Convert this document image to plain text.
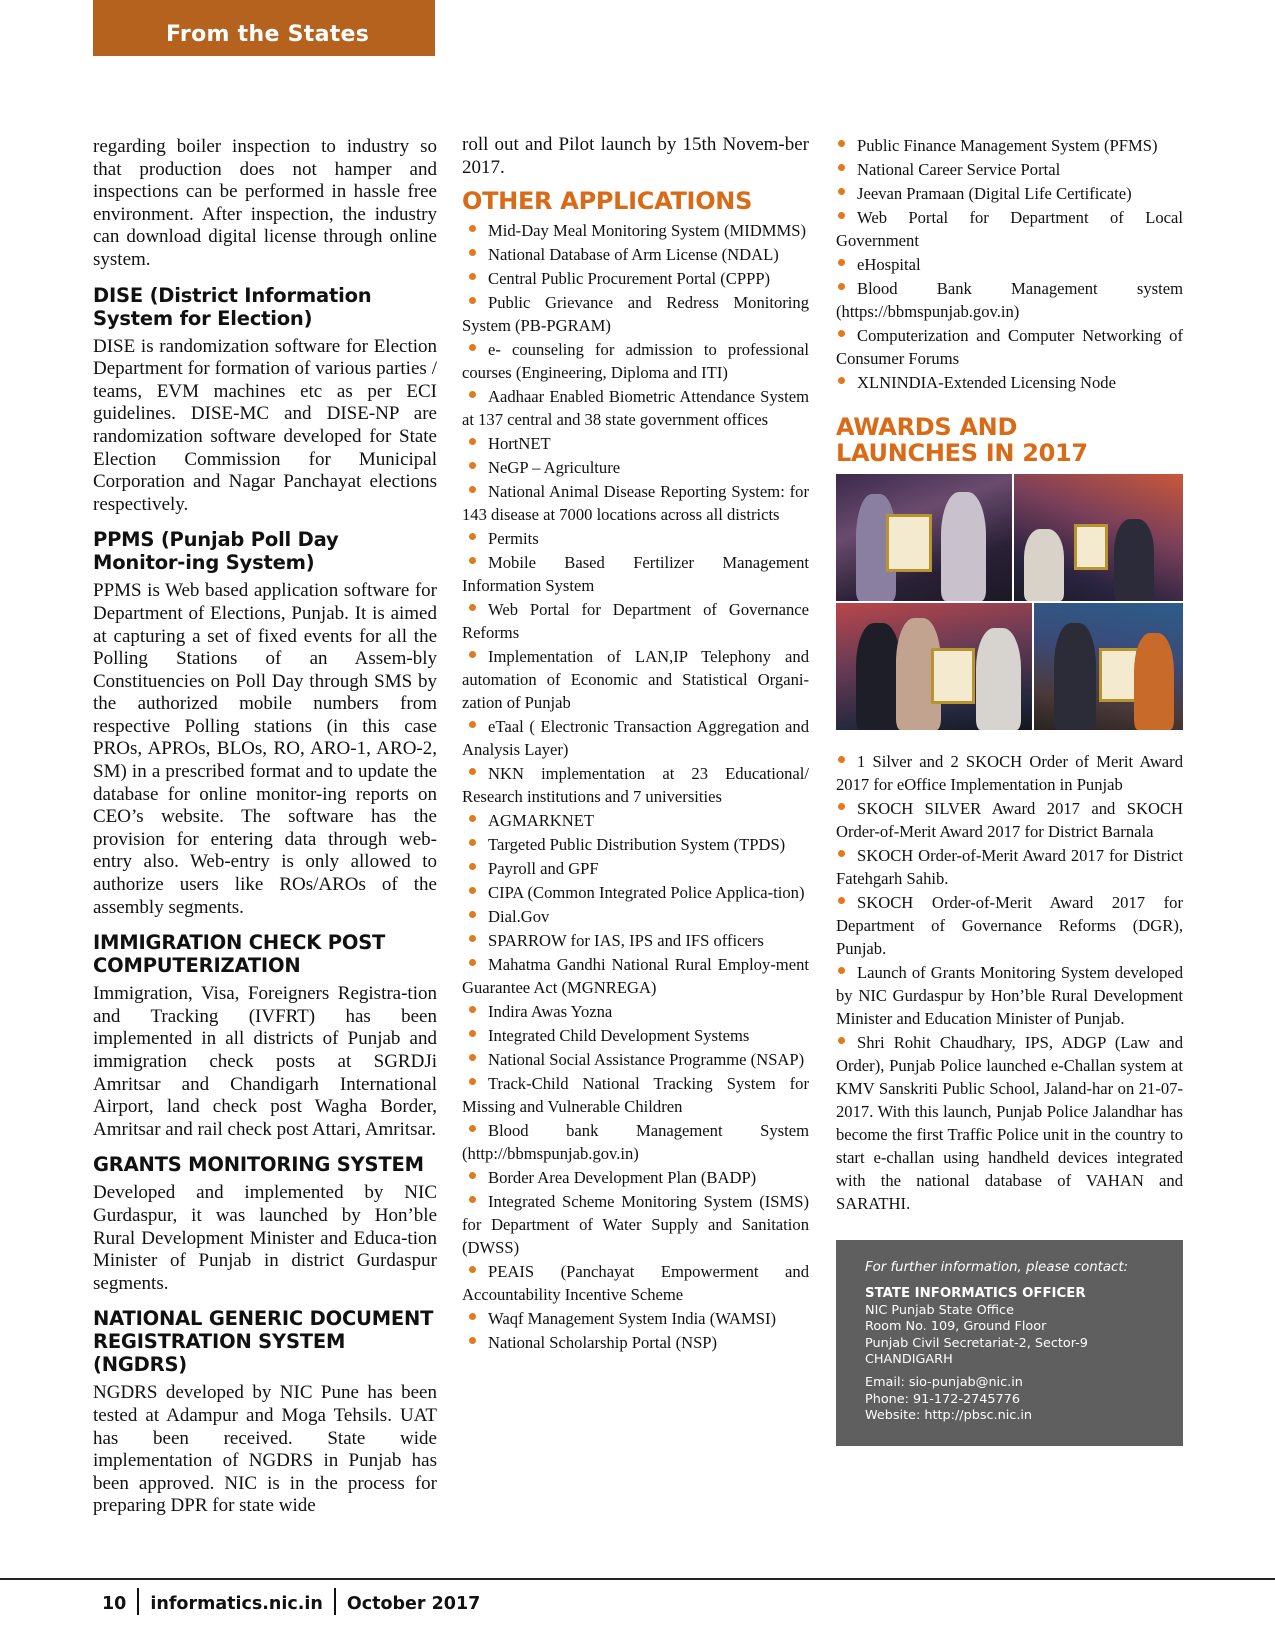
From the States

regarding boiler inspection to industry so that production does not hamper and inspections can be performed in hassle free environment. After inspection, the industry can download digital license through online system.

DISE (District Information System for Election)

DISE is randomization software for Election Department for formation of various parties / teams, EVM machines etc as per ECI guidelines. DISE-MC and DISE-NP are randomization software developed for State Election Commission for Municipal Corporation and Nagar Panchayat elections respectively.

PPMS (Punjab Poll Day Monitor-ing System)

PPMS is Web based application software for Department of Elections, Punjab. It is aimed at capturing a set of fixed events for all the Polling Stations of an Assem-bly Constituencies on Poll Day through SMS by the authorized mobile numbers from respective Polling stations (in this case PROs, APROs, BLOs, RO, ARO-1, ARO-2, SM) in a prescribed format and to update the database for online monitor-ing reports on CEO’s website. The software has the provision for entering data through web-entry also. Web-entry is only allowed to authorize users like ROs/AROs of the assembly segments.

IMMIGRATION CHECK POST COMPUTERIZATION

Immigration, Visa, Foreigners Registra-tion and Tracking (IVFRT) has been implemented in all districts of Punjab and immigration check posts at SGRDJi Amritsar and Chandigarh International Airport, land check post Wagha Border, Amritsar and rail check post Attari, Amritsar.

GRANTS MONITORING SYSTEM

Developed and implemented by NIC Gurdaspur, it was launched by Hon’ble Rural Development Minister and Educa-tion Minister of Punjab in district Gurdaspur segments.

NATIONAL GENERIC DOCUMENT REGISTRATION SYSTEM (NGDRS)

NGDRS developed by NIC Pune has been tested at Adampur and Moga Tehsils. UAT has been received. State wide implementation of NGDRS in Punjab has been approved. NIC is in the process for preparing DPR for state wide

roll out and Pilot launch by 15th Novem-ber 2017.

OTHER APPLICATIONS
Mid-Day Meal Monitoring System (MIDMMS)
National Database of Arm License (NDAL)
Central Public Procurement Portal (CPPP)
Public Grievance and Redress Monitoring System (PB-PGRAM)
e- counseling for admission to professional courses (Engineering, Diploma and ITI)
Aadhaar Enabled Biometric Attendance System at 137 central and 38 state government offices
HortNET
NeGP – Agriculture
National Animal Disease Reporting System: for 143 disease at 7000 locations across all districts
Permits
Mobile Based Fertilizer Management Information System
Web Portal for Department of Governance Reforms
Implementation of LAN,IP Telephony and automation of Economic and Statistical Organi-zation of Punjab
eTaal ( Electronic Transaction Aggregation and Analysis Layer)
NKN implementation at 23 Educational/ Research institutions and 7 universities
AGMARKNET
Targeted Public Distribution System (TPDS)
Payroll and GPF
CIPA (Common Integrated Police Applica-tion)
Dial.Gov
SPARROW for IAS, IPS and IFS officers
Mahatma Gandhi National Rural Employ-ment Guarantee Act (MGNREGA)
Indira Awas Yozna
Integrated Child Development Systems
National Social Assistance Programme (NSAP)
Track-Child National Tracking System for Missing and Vulnerable Children
Blood bank Management System (http://bbmspunjab.gov.in)
Border Area Development Plan (BADP)
Integrated Scheme Monitoring System (ISMS) for Department of Water Supply and Sanitation (DWSS)
PEAIS (Panchayat Empowerment and Accountability Incentive Scheme
Waqf Management System India (WAMSI)
National Scholarship Portal (NSP)
Public Finance Management System (PFMS)
National Career Service Portal
Jeevan Pramaan (Digital Life Certificate)
Web Portal for Department of Local Government
eHospital
Blood Bank Management system (https://bbmspunjab.gov.in)
Computerization and Computer Networking of Consumer Forums
XLNINDIA-Extended Licensing Node
AWARDS AND
LAUNCHES IN 2017
1 Silver and 2 SKOCH Order of Merit Award 2017 for eOffice Implementation in Punjab
SKOCH SILVER Award 2017 and SKOCH Order-of-Merit Award 2017 for District Barnala
SKOCH Order-of-Merit Award 2017 for District Fatehgarh Sahib.
SKOCH Order-of-Merit Award 2017 for Department of Governance Reforms (DGR), Punjab.
Launch of Grants Monitoring System developed by NIC Gurdaspur by Hon’ble Rural Development Minister and Education Minister of Punjab.
Shri Rohit Chaudhary, IPS, ADGP (Law and Order), Punjab Police launched e-Challan system at KMV Sanskriti Public School, Jaland-har on 21-07-2017. With this launch, Punjab Police Jalandhar has become the first Traffic Police unit in the country to start e-challan using handheld devices integrated with the national database of VAHAN and SARATHI.
For further information, please contact:
STATE INFORMATICS OFFICER
NIC Punjab State Office
Room No. 109, Ground Floor
Punjab Civil Secretariat-2, Sector-9
CHANDIGARH
Email: sio-punjab@nic.in
Phone: 91-172-2745776
Website: http://pbsc.nic.in
10 informatics.nic.in October 2017
